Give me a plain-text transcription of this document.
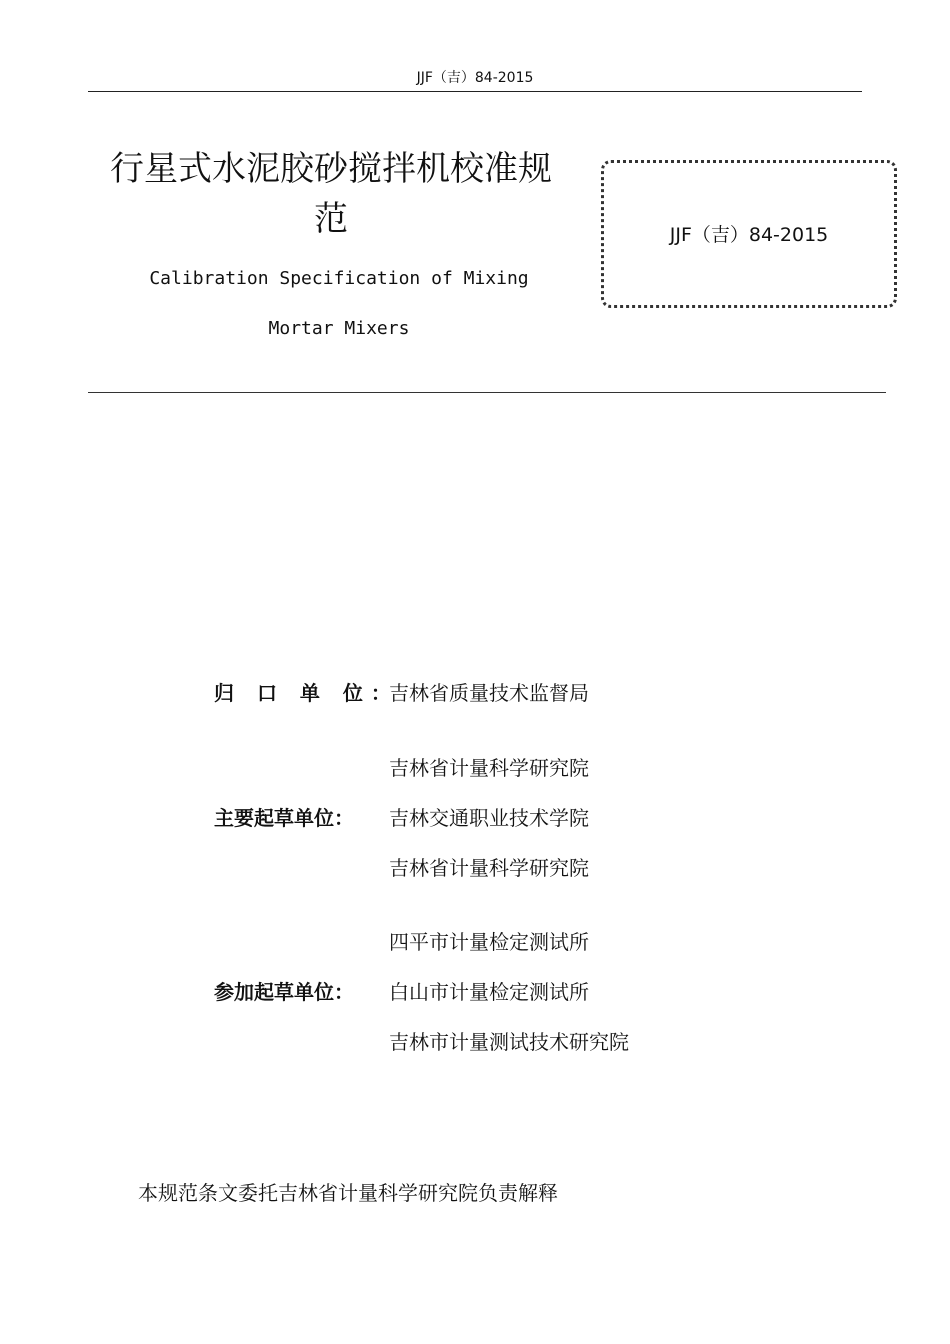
JJF（吉）84-2015
行星式水泥胶砂搅拌机校准规
范
Calibration Specification of Mixing
Mortar Mixers
JJF（吉）84-2015
归 口 单 位：
吉林省质量技术监督局
吉林省计量科学研究院
主要起草单位：	吉林交通职业技术学院
吉林省计量科学研究院
四平市计量检定测试所
参加起草单位：	白山市计量检定测试所
吉林市计量测试技术研究院
本规范条文委托吉林省计量科学研究院负责解释
